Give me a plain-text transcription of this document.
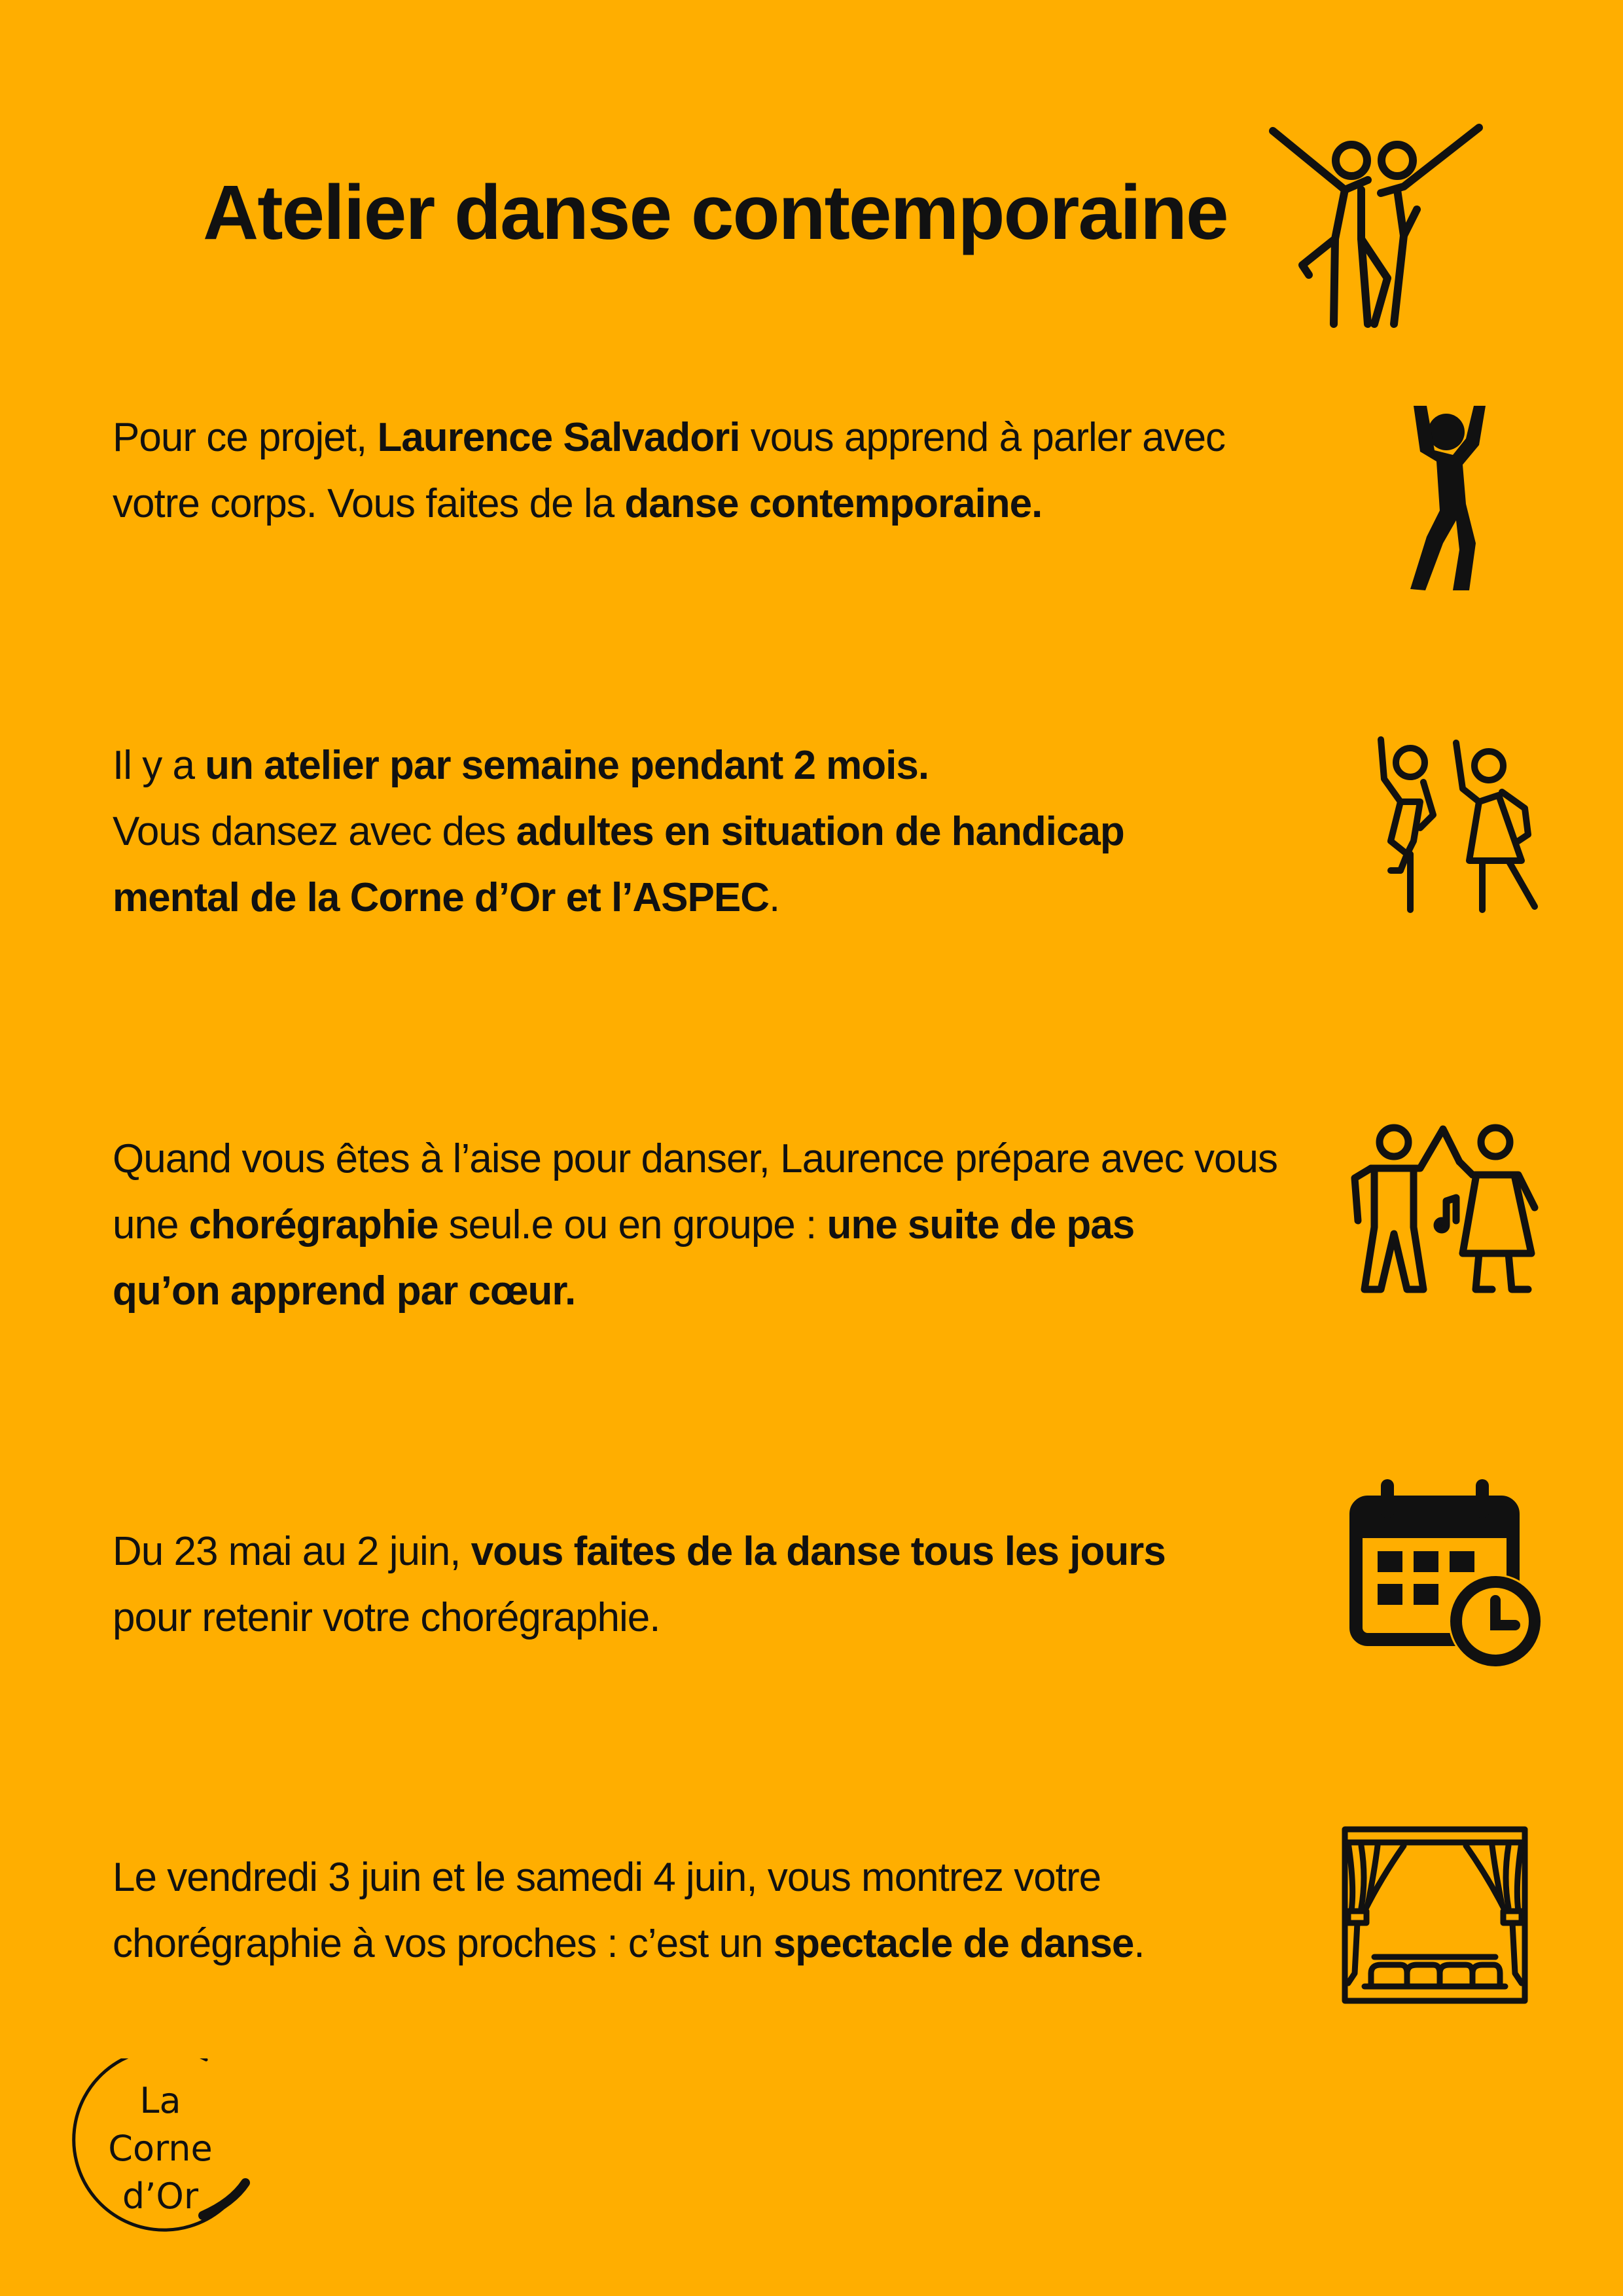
Atelier danse contemporaine
Pour ce projet, Laurence Salvadori vous apprend à parler avec
votre corps. Vous faites de la danse contemporaine.
Il y a un atelier par semaine pendant 2 mois.
Vous dansez avec des adultes en situation de handicap
mental de la Corne d’Or et l’ASPEC.
Quand vous êtes à l’aise pour danser, Laurence prépare avec vous
une chorégraphie seul.e ou en groupe : une suite de pas
qu’on apprend par cœur.
Du 23 mai au 2 juin, vous faites de la danse tous les jours
pour retenir votre chorégraphie.
Le vendredi 3 juin et le samedi 4 juin, vous montrez votre
chorégraphie à vos proches : c’est un spectacle de danse.
La
Corne
d’Or
